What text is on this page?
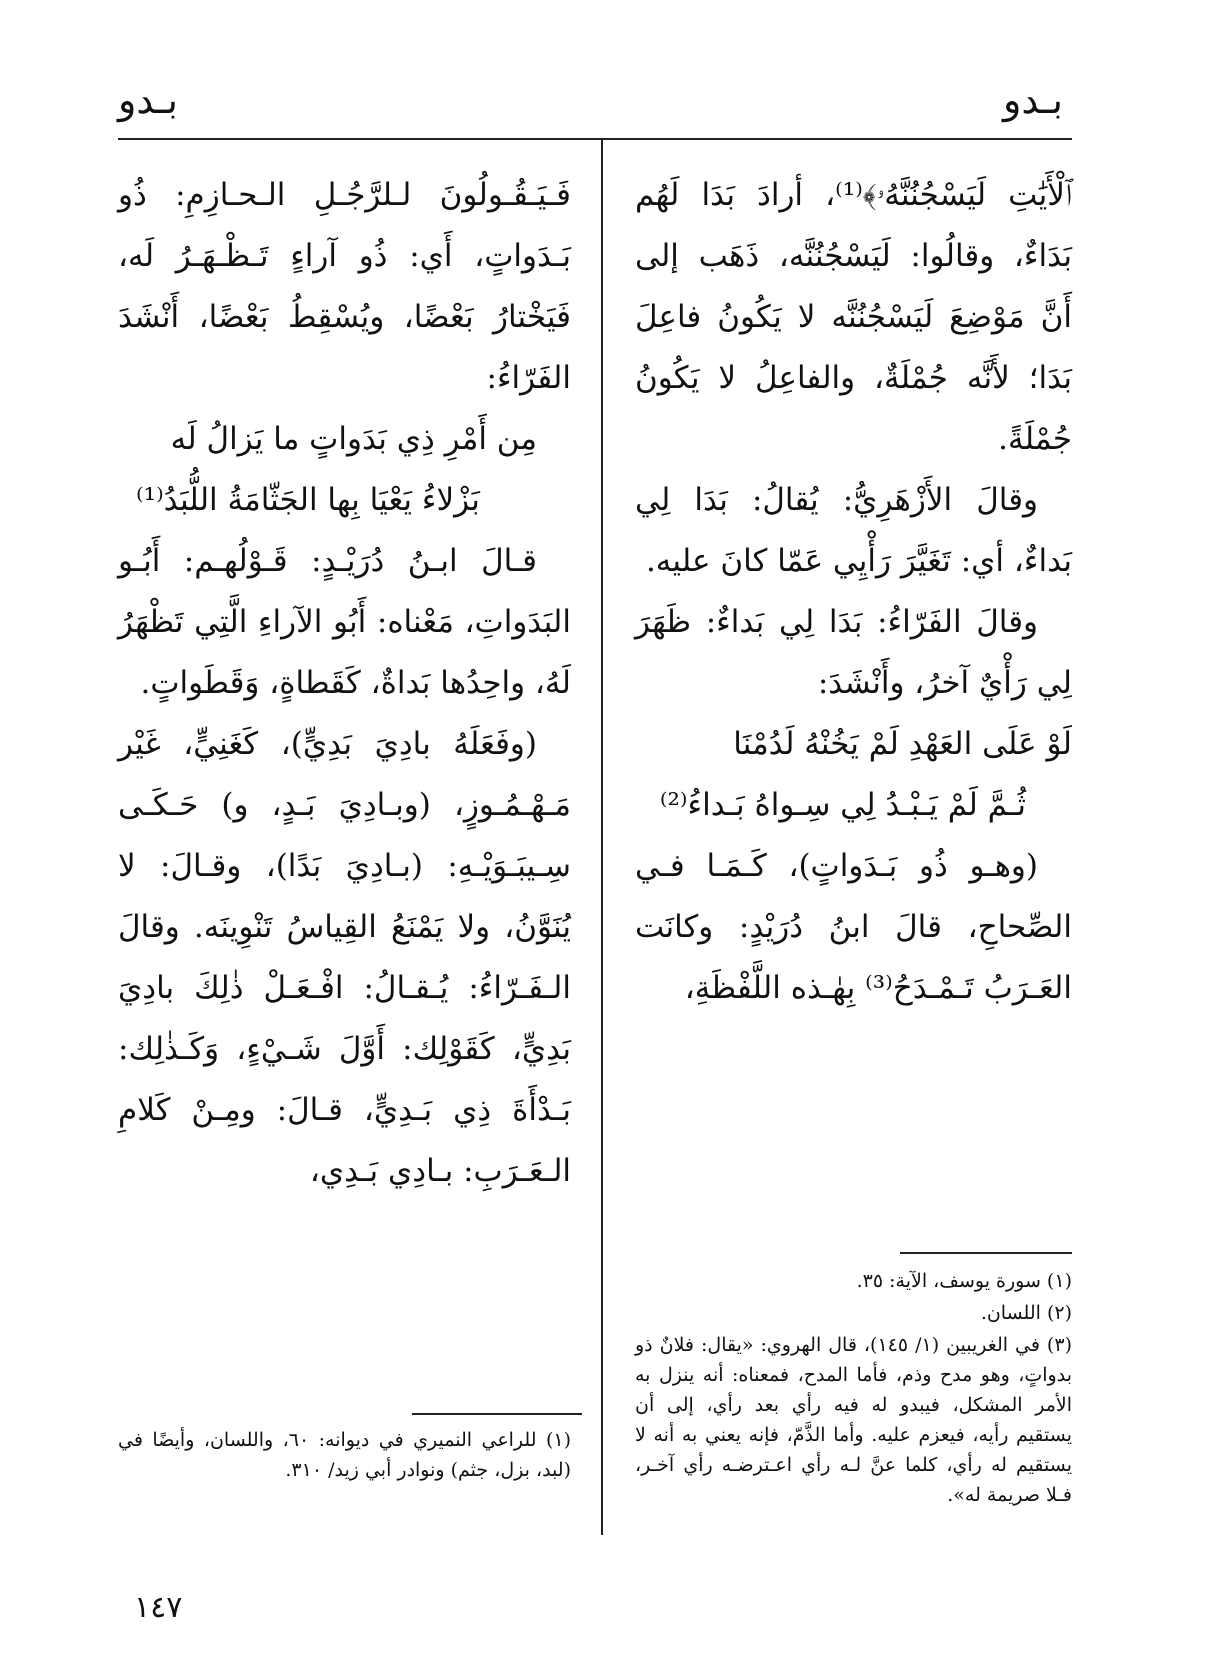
بـدو
بـدو

ٱلْأَيَٰتِ لَيَسْجُنُنَّهُۥ﴾⁽¹⁾، أرادَ بَدَا لَهُم بَدَاءٌ، وقالُوا: لَيَسْجُنُنَّه، ذَهَب إلى أَنَّ مَوْضِعَ لَيَسْجُنُنَّه لا يَكُونُ فاعِلَ بَدَا؛ لأَنَّه جُمْلَةٌ، والفاعِلُ لا يَكُونُ جُمْلَةً.

وقالَ الأَزْهَرِيُّ: يُقالُ: بَدَا لِي بَداءٌ، أي: تَغَيَّرَ رَأْيِي عَمّا كانَ عليه.

وقالَ الفَرّاءُ: بَدَا لِي بَداءٌ: ظَهَرَ لِي رَأْيٌ آخرُ، وأَنْشَدَ:

لَوْ عَلَى العَهْدِ لَمْ يَخُنْهُ لَدُمْنَا

ثُـمَّ لَمْ يَـبْـدُ لِي سِـواهُ بَـداءُ⁽²⁾

(وهـو ذُو بَـدَواتٍ)، كَـمَـا فـي الصِّحاحِ، قالَ ابنُ دُرَيْدٍ: وكانَت العَـرَبُ تَـمْـدَحُ⁽³⁾ بِهٰـذه اللَّفْظَةِ،

فَـيَـقُـولُونَ لـلرَّجُـلِ الـحـازِمِ: ذُو بَـدَواتٍ، أَي: ذُو آراءٍ تَـظْـهَـرُ لَه، فَيَخْتارُ بَعْضًا، ويُسْقِطُ بَعْضًا، أَنْشَدَ الفَرّاءُ:

مِن أَمْرِ ذِي بَدَواتٍ ما يَزالُ لَه

بَزْلاءُ يَعْيَا بِها الجَثّامَةُ اللُّبَدُ⁽¹⁾

قـالَ ابـنُ دُرَيْـدٍ: قَـوْلُهـم: أَبُـو البَدَواتِ، مَعْناه: أَبُو الآراءِ الَّتِي تَظْهَرُ لَهُ، واحِدُها بَداةٌ، كَقَطاةٍ، وَقَطَواتٍ.

(وفَعَلَهُ بادِيَ بَدِيٍّ)، كَغَنِيٍّ، غَيْر مَـهْـمُـوزٍ، (وبـادِيَ بَـدٍ، و) حَـكَـى سِـيبَـوَيْـهِ: (بـادِيَ بَدًا)، وقـالَ: لا يُنَوَّنُ، ولا يَمْنَعُ القِياسُ تَنْوِينَه. وقالَ الـفَـرّاءُ: يُـقـالُ: افْـعَـلْ ذٰلِكَ بادِيَ بَدِيٍّ، كَقَوْلِك: أَوَّلَ شَـيْءٍ، وَكَـذٰلِك: بَـدْأَةَ ذِي بَـدِيٍّ، قـالَ: ومِـنْ كَلامِ الـعَـرَبِ: بـادِي بَـدِي،

(١) سورة يوسف، الآية: ٣٥.

(٢) اللسان.

(٣) في الغريبين (١/ ١٤٥)، قال الهروي: «يقال: فلانٌ ذو بدواتٍ، وهو مدح وذم، فأما المدح، فمعناه: أنه ينزل به الأمر المشكل، فيبدو له فيه رأي بعد رأي، إلى أن يستقيم رأيه، فيعزم عليه. وأما الذَّمّ، فإنه يعني به أنه لا يستقيم له رأي، كلما عنَّ لـه رأي اعـترضـه رأي آخـر، فـلا صريمة له».

(١) للراعي النميري في ديوانه: ٦٠، واللسان، وأيضًا في (لبد، بزل، جثم) ونوادر أبي زيد/ ٣١٠.

١٤٧
